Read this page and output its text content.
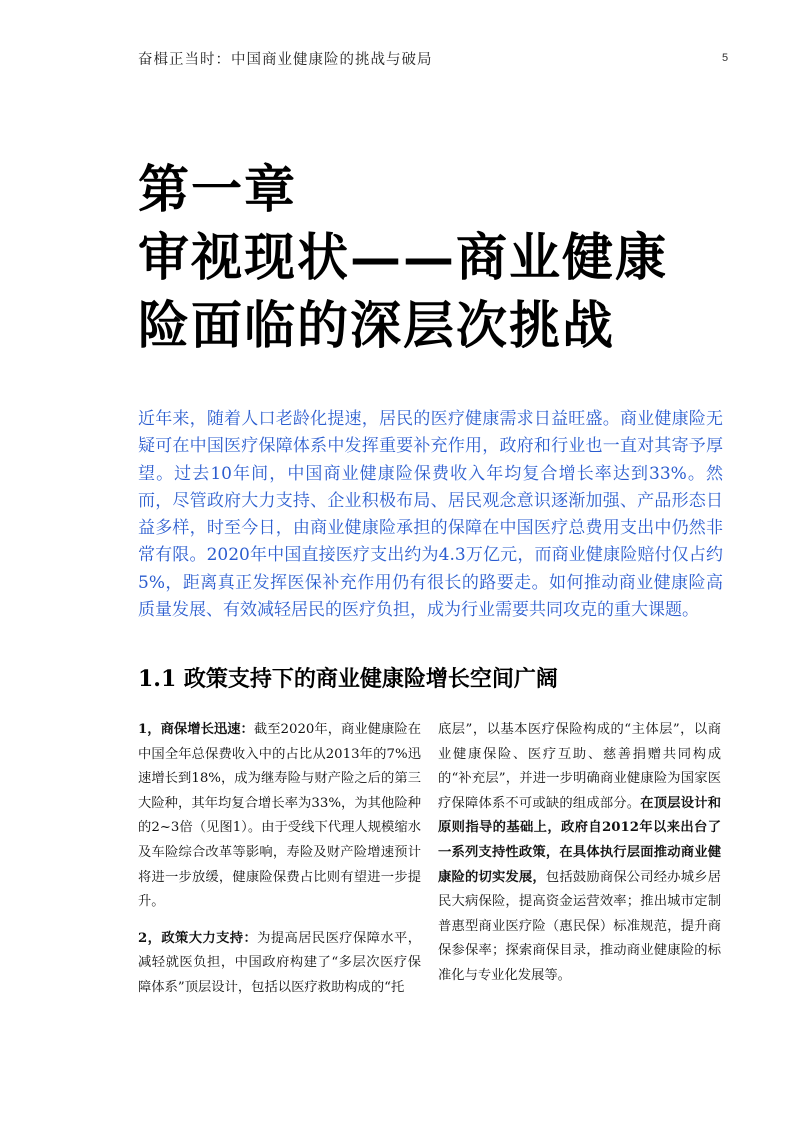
奋楫正当时：中国商业健康险的挑战与破局	5
第一章
审视现状——商业健康
险面临的深层次挑战
近年来，随着人口老龄化提速，居民的医疗健康需求日益旺盛。商业健康险无疑可在中国医疗保障体系中发挥重要补充作用，政府和行业也一直对其寄予厚望。过去10年间，中国商业健康险保费收入年均复合增长率达到33%。然而，尽管政府大力支持、企业积极布局、居民观念意识逐渐加强、产品形态日益多样，时至今日，由商业健康险承担的保障在中国医疗总费用支出中仍然非常有限。2020年中国直接医疗支出约为4.3万亿元，而商业健康险赔付仅占约5%，距离真正发挥医保补充作用仍有很长的路要走。如何推动商业健康险高质量发展、有效减轻居民的医疗负担，成为行业需要共同攻克的重大课题。
1.1 政策支持下的商业健康险增长空间广阔

1，商保增长迅速：截至2020年，商业健康险在中国全年总保费收入中的占比从2013年的7%迅速增长到18%，成为继寿险与财产险之后的第三大险种，其年均复合增长率为33%，为其他险种的2~3倍（见图1）。由于受线下代理人规模缩水及车险综合改革等影响，寿险及财产险增速预计将进一步放缓，健康险保费占比则有望进一步提升。

2，政策大力支持：为提高居民医疗保障水平，减轻就医负担，中国政府构建了“多层次医疗保障体系”顶层设计，包括以医疗救助构成的“托

底层”，以基本医疗保险构成的“主体层”，以商业健康保险、医疗互助、慈善捐赠共同构成的“补充层”，并进一步明确商业健康险为国家医疗保障体系不可或缺的组成部分。在顶层设计和原则指导的基础上，政府自2012年以来出台了一系列支持性政策，在具体执行层面推动商业健康险的切实发展，包括鼓励商保公司经办城乡居民大病保险，提高资金运营效率；推出城市定制普惠型商业医疗险（惠民保）标准规范，提升商保参保率；探索商保目录，推动商业健康险的标准化与专业化发展等。
